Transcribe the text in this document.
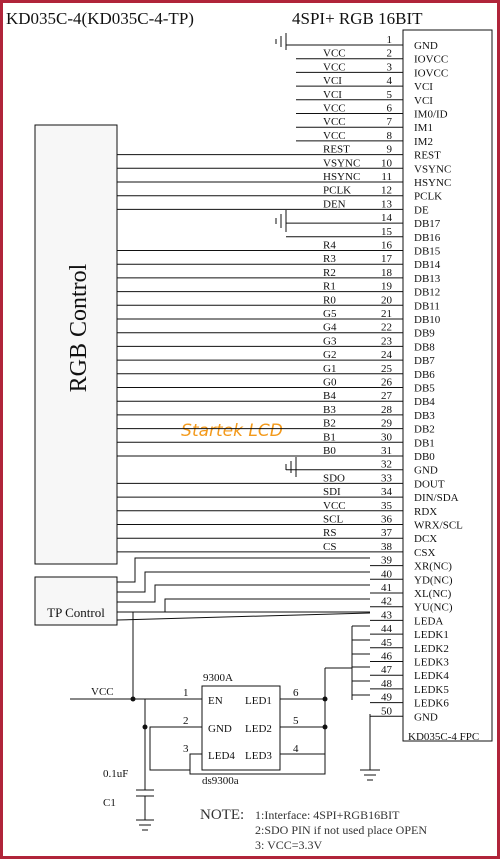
KD035C-4(KD035C-4-TP)	4SPI+ RGB 16BIT
KD035C-4 FPC
RGB Control
TP Control
Startek LCD
1 GND
2 IOVCC
VCC
3 IOVCC
VCC
4 VCI
VCI
5 VCI
VCI
6 IM0/ID
VCC
7 IM1
VCC
8 IM2
VCC
9 REST
REST
10 VSYNC
VSYNC
11 HSYNC
HSYNC
12 PCLK
PCLK
13 DE
DEN
14 DB17
15 DB16
16 DB15
R4
17 DB14
R3
18 DB13
R2
19 DB12
R1
20 DB11
R0
21 DB10
G5
22 DB9
G4
23 DB8
G3
24 DB7
G2
25 DB6
G1
26 DB5
G0
27 DB4
B4
28 DB3
B3
29 DB2
B2
30 DB1
B1
31 DB0
B0
32 GND
33 DOUT
SDO
34 DIN/SDA
SDI
35 RDX
VCC
36 WRX/SCL
SCL
37 DCX
RS
38 CSX
CS
39 XR(NC)
40 YD(NC)
41 XL(NC)
42 YU(NC)
43 LEDA
44 LEDK1
45 LEDK2
46 LEDK3
47 LEDK4
48 LEDK5
49 LEDK6
50 GND
9300A
ds9300a
EN
GND
LED4
LED1
LED2
LED3
1
2
3
6
5
4
VCC
0.1uF
C1
NOTE: 1:Interface: 4SPI+RGB16BIT
2:SDO PIN if not used place OPEN
3: VCC=3.3V
